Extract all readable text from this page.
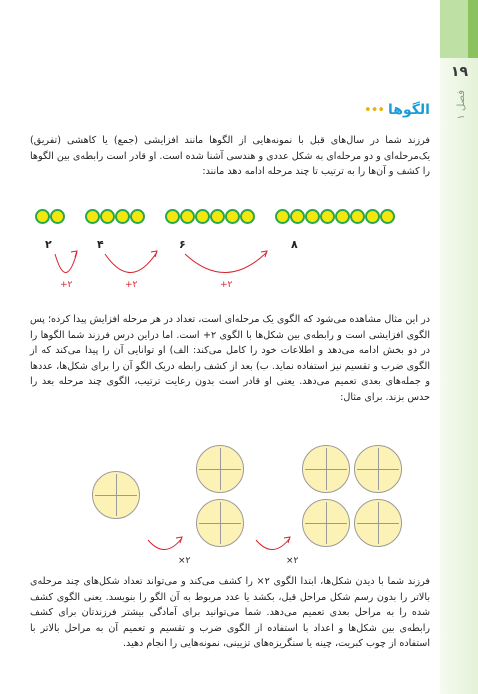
۱۹
فصل ۱
الگوها
•••
فرزند شما در سال‌های قبل با نمونه‌هایی از الگوها مانند افزایشی (جمع) یا کاهشی (تفریق) یک‌مرحله‌ای و دو مرحله‌ای به شکل عددی و هندسی آشنا شده است. او قادر است رابطه‌ی بین الگوها را کشف و آن‌ها را به ترتیب تا چند مرحله ادامه دهد مانند:
۲	۴	۶	۸
+۲	+۲	+۲
در این مثال مشاهده می‌شود که الگوی یک مرحله‌ای است، تعداد در هر مرحله افزایش پیدا کرده؛ پس الگوی افزایشی است و رابطه‌ی بین شکل‌ها با الگوی ۲+ است. اما دراین درس فرزند شما الگوها را در دو بخش ادامه می‌دهد و اطلاعات خود را کامل می‌کند: الف) او توانایی آن را پیدا می‌کند که از الگوی ضرب و تقسیم نیز استفاده نماید. ب) بعد از کشف رابطه دریک الگو آن را برای شکل‌ها، عددها و جمله‌های بعدی تعمیم می‌دهد. یعنی او قادر است بدون رعایت ترتیب، الگوی چند مرحله بعد را حدس بزند. برای مثال:
×۲	×۲
فرزند شما با دیدن شکل‌ها، ابتدا الگوی ۲× را کشف می‌کند و می‌تواند تعداد شکل‌های چند مرحله‌ی بالاتر را بدون رسم شکل مراحل قبل، بکشد یا عدد مربوط به آن الگو را بنویسد. یعنی الگوی کشف شده را به مراحل بعدی تعمیم می‌دهد. شما می‌توانید برای آمادگی بیشتر فرزندتان برای کشف رابطه‌ی بین شکل‌ها و اعداد با استفاده از الگوی ضرب و تقسیم و تعمیم آن به مراحل بالاتر با استفاده از چوب کبریت، چینه یا سنگریزه‌های تزیینی، نمونه‌هایی را انجام دهید.
